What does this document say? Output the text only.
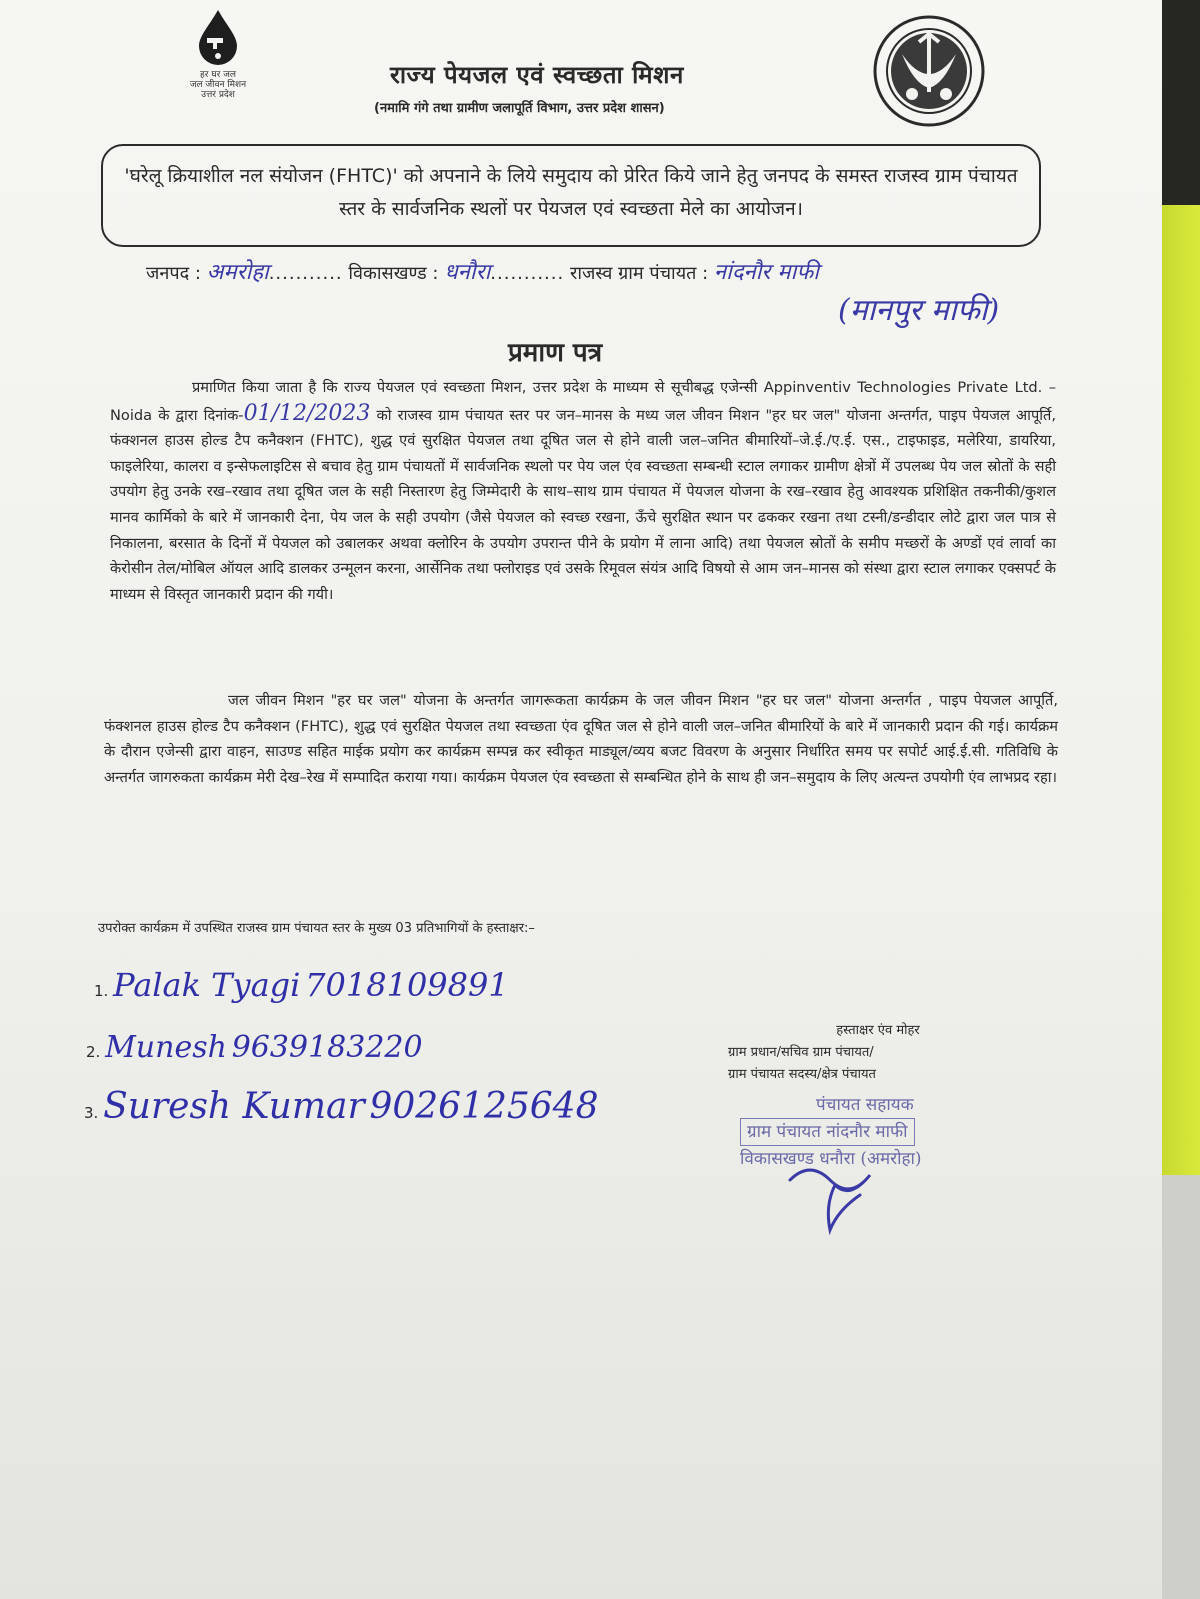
हर घर जल
जल जीवन मिशन
उत्तर प्रदेश
राज्य पेयजल एवं स्वच्छता मिशन
(नमामि गंगे तथा ग्रामीण जलापूर्ति विभाग, उत्तर प्रदेश शासन)
'घरेलू क्रियाशील नल संयोजन (FHTC)' को अपनाने के लिये समुदाय को प्रेरित किये जाने हेतु जनपद के समस्त राजस्व ग्राम पंचायत स्तर के सार्वजनिक स्थलों पर पेयजल एवं स्वच्छता मेले का आयोजन।
जनपद : अमरोहा........... विकासखण्ड : धनौरा........... राजस्व ग्राम पंचायत : नांदनौर माफी
(मानपुर माफी)
प्रमाण पत्र
प्रमाणित किया जाता है कि राज्य पेयजल एवं स्वच्छता मिशन, उत्तर प्रदेश के माध्यम से सूचीबद्ध एजेन्सी Appinventiv Technologies Private Ltd. – Noida के द्वारा दिनांक-01/12/2023 को राजस्व ग्राम पंचायत स्तर पर जन–मानस के मध्य जल जीवन मिशन "हर घर जल" योजना अन्तर्गत, पाइप पेयजल आपूर्ति, फंक्शनल हाउस होल्ड टैप कनैक्शन (FHTC), शुद्ध एवं सुरक्षित पेयजल तथा दूषित जल से होने वाली जल–जनित बीमारियों–जे.ई./ए.ई. एस., टाइफाइड, मलेरिया, डायरिया, फाइलेरिया, कालरा व इन्सेफलाइटिस से बचाव हेतु ग्राम पंचायतों में सार्वजनिक स्थलो पर पेय जल एंव स्वच्छता सम्बन्धी स्टाल लगाकर ग्रामीण क्षेत्रों में उपलब्ध पेय जल स्रोतों के सही उपयोग हेतु उनके रख–रखाव तथा दूषित जल के सही निस्तारण हेतु जिम्मेदारी के साथ–साथ ग्राम पंचायत में पेयजल योजना के रख–रखाव हेतु आवश्यक प्रशिक्षित तकनीकी/कुशल मानव कार्मिको के बारे में जानकारी देना, पेय जल के सही उपयोग (जैसे पेयजल को स्वच्छ रखना, ऊँचे सुरक्षित स्थान पर ढककर रखना तथा टस्नी/डन्डीदार लोटे द्वारा जल पात्र से निकालना, बरसात के दिनों में पेयजल को उबालकर अथवा क्लोरिन के उपयोग उपरान्त पीने के प्रयोग में लाना आदि) तथा पेयजल स्रोतों के समीप मच्छरों के अण्डों एवं लार्वा का केरोसीन तेल/मोबिल ऑयल आदि डालकर उन्मूलन करना, आर्सेनिक तथा फ्लोराइड एवं उसके रिमूवल संयंत्र आदि विषयो से आम जन–मानस को संस्था द्वारा स्टाल लगाकर एक्सपर्ट के माध्यम से विस्तृत जानकारी प्रदान की गयी।
जल जीवन मिशन "हर घर जल" योजना के अन्तर्गत जागरूकता कार्यक्रम के जल जीवन मिशन "हर घर जल" योजना अन्तर्गत , पाइप पेयजल आपूर्ति, फंक्शनल हाउस होल्ड टैप कनैक्शन (FHTC), शुद्ध एवं सुरक्षित पेयजल तथा स्वच्छता एंव दूषित जल से होने वाली जल–जनित बीमारियों के बारे में जानकारी प्रदान की गई। कार्यक्रम के दौरान एजेन्सी द्वारा वाहन, साउण्ड सहित माईक प्रयोग कर कार्यक्रम सम्पन्न कर स्वीकृत माड्यूल/व्यय बजट विवरण के अनुसार निर्धारित समय पर सपोर्ट आई.ई.सी. गतिविधि के अन्तर्गत जागरुकता कार्यक्रम मेरी देख–रेख में सम्पादित कराया गया। कार्यक्रम पेयजल एंव स्वच्छता से सम्बन्धित होने के साथ ही जन–समुदाय के लिए अत्यन्त उपयोगी एंव लाभप्रद रहा।
उपरोक्त कार्यक्रम में उपस्थित राजस्व ग्राम पंचायत स्तर के मुख्य 03 प्रतिभागियों के हस्ताक्षर:–
1. Palak Tyagi 7018109891
2. Munesh 9639183220
3. Suresh Kumar 9026125648
हस्ताक्षर एंव मोहर
ग्राम प्रधान/सचिव ग्राम पंचायत/
ग्राम पंचायत सदस्य/क्षेत्र पंचायत
पंचायत सहायक
ग्राम पंचायत नांदनौर माफी
विकासखण्ड धनौरा (अमरोहा)
